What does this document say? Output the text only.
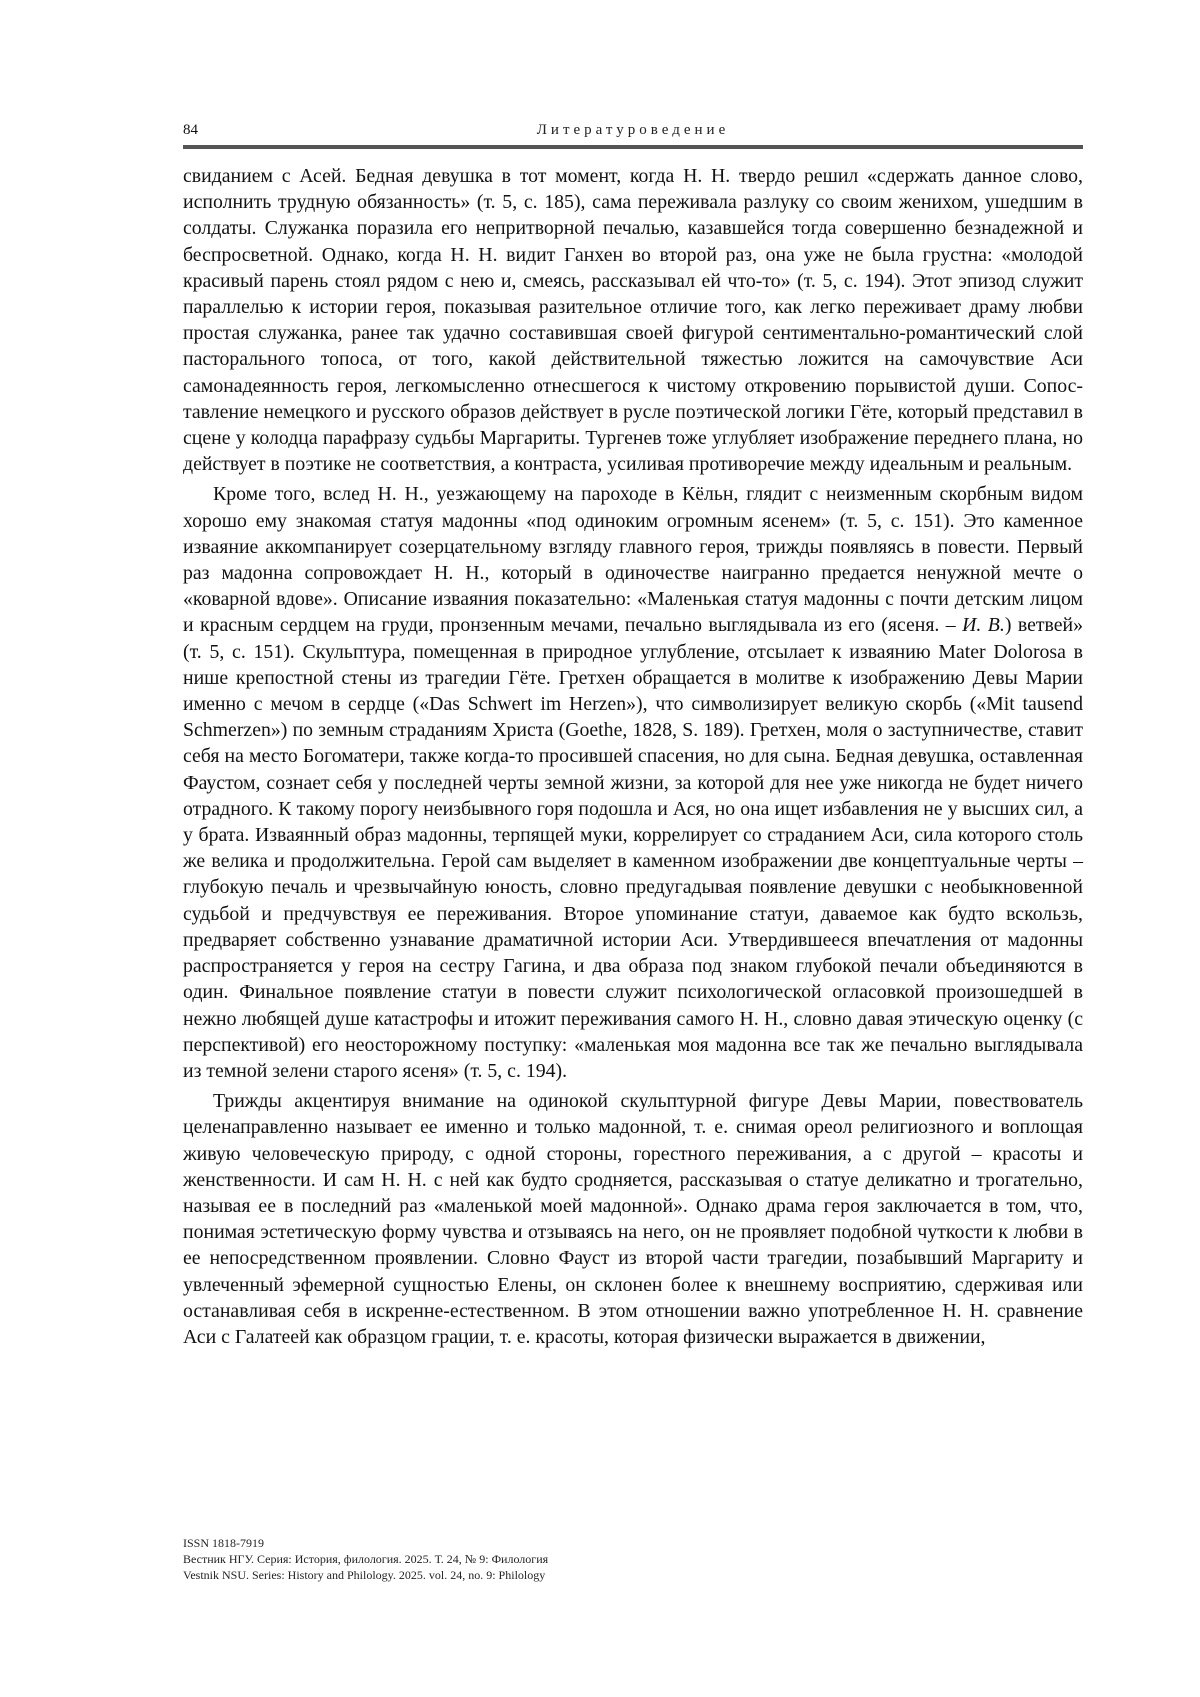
84	Литературоведение

свиданием с Асей. Бедная девушка в тот момент, когда Н. Н. твердо решил «сдержать данное слово, исполнить трудную обязанность» (т. 5, с. 185), сама переживала разлуку со своим женихом, ушедшим в солдаты. Служанка поразила его непритворной печалью, казавшейся тогда совершенно безнадежной и беспросветной. Однако, когда Н. Н. видит Ганхен во второй раз, она уже не была грустна: «молодой красивый парень стоял рядом с нею и, смеясь, рассказывал ей что-то» (т. 5, с. 194). Этот эпизод служит параллелью к истории героя, показывая разительное отличие того, как легко переживает драму любви простая служанка, ранее так удачно составившая своей фигурой сентиментально-романтический слой пасторального топоса, от того, какой действительной тяжестью ложится на самочувствие Аси самонадеянность героя, легкомысленно отнесшегося к чистому откровению порывистой души. Сопоставление немецкого и русского образов действует в русле поэтической логики Гёте, который представил в сцене у колодца парафразу судьбы Маргариты. Тургенев тоже углубляет изображение переднего плана, но действует в поэтике не соответствия, а контраста, усиливая противоречие между идеальным и реальным.

Кроме того, вслед Н. Н., уезжающему на пароходе в Кёльн, глядит с неизменным скорбным видом хорошо ему знакомая статуя мадонны «под одиноким огромным ясенем» (т. 5, с. 151). Это каменное изваяние аккомпанирует созерцательному взгляду главного героя, трижды появляясь в повести. Первый раз мадонна сопровождает Н. Н., который в одиночестве наигранно предается ненужной мечте о «коварной вдове». Описание изваяния показательно: «Маленькая статуя мадонны с почти детским лицом и красным сердцем на груди, пронзенным мечами, печально выглядывала из его (ясеня. – И. В.) ветвей» (т. 5, с. 151). Скульптура, помещенная в природное углубление, отсылает к изваянию Mater Dolorosa в нише крепостной стены из трагедии Гёте. Гретхен обращается в молитве к изображению Девы Марии именно с мечом в сердце («Das Schwert im Herzen»), что символизирует великую скорбь («Mit tausend Schmerzen») по земным страданиям Христа (Goethe, 1828, S. 189). Гретхен, моля о заступничестве, ставит себя на место Богоматери, также когда-то просившей спасения, но для сына. Бедная девушка, оставленная Фаустом, сознает себя у последней черты земной жизни, за которой для нее уже никогда не будет ничего отрадного. К такому порогу неизбывного горя подошла и Ася, но она ищет избавления не у высших сил, а у брата. Изваянный образ мадонны, терпящей муки, коррелирует со страданием Аси, сила которого столь же велика и продолжительна. Герой сам выделяет в каменном изображении две концептуальные черты – глубокую печаль и чрезвычайную юность, словно предугадывая появление девушки с необыкновенной судьбой и предчувствуя ее переживания. Второе упоминание статуи, даваемое как будто вскользь, предваряет собственно узнавание драматичной истории Аси. Утвердившееся впечатления от мадонны распространяется у героя на сестру Гагина, и два образа под знаком глубокой печали объединяются в один. Финальное появление статуи в повести служит психологической огласовкой произошедшей в нежно любящей душе катастрофы и итожит переживания самого Н. Н., словно давая этическую оценку (с перспективой) его неосторожному поступку: «маленькая моя мадонна все так же печально выглядывала из темной зелени старого ясеня» (т. 5, с. 194).

Трижды акцентируя внимание на одинокой скульптурной фигуре Девы Марии, повествователь целенаправленно называет ее именно и только мадонной, т. е. снимая ореол религиозного и воплощая живую человеческую природу, с одной стороны, горестного переживания, а с другой – красоты и женственности. И сам Н. Н. с ней как будто сродняется, рассказывая о статуе деликатно и трогательно, называя ее в последний раз «маленькой моей мадонной». Однако драма героя заключается в том, что, понимая эстетическую форму чувства и отзываясь на него, он не проявляет подобной чуткости к любви в ее непосредственном проявлении. Словно Фауст из второй части трагедии, позабывший Маргариту и увлеченный эфемерной сущностью Елены, он склонен более к внешнему восприятию, сдерживая или останавливая себя в искренне-естественном. В этом отношении важно употребленное Н. Н. сравнение Аси с Галатеей как образцом грации, т. е. красоты, которая физически выражается в движении,

ISSN 1818-7919
Вестник НГУ. Серия: История, филология. 2025. Т. 24, № 9: Филология
Vestnik NSU. Series: History and Philology. 2025. vol. 24, no. 9: Philology
